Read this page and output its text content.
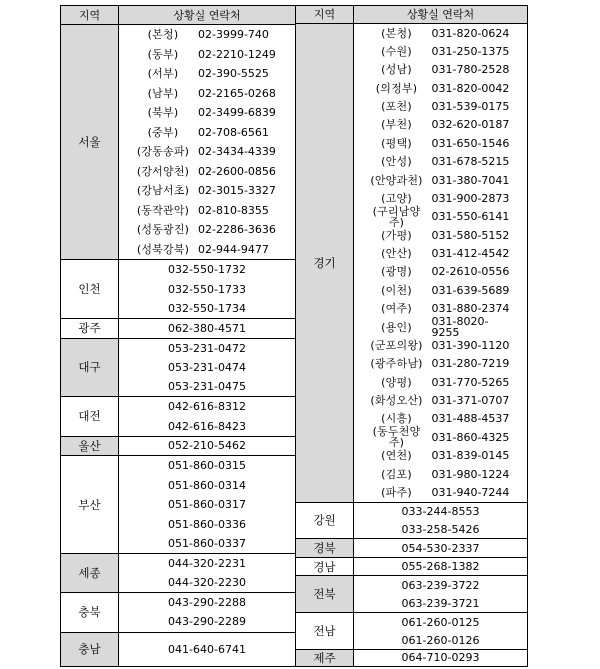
지역	상황실 연락처
서울
(본청)	02-3999-740
(동부)	02-2210-1249
(서부)	02-390-5525
(남부)	02-2165-0268
(북부)	02-3499-6839
(중부)	02-708-6561
(강동송파) 02-3434-4339
(강서양천) 02-2600-0856
(강남서초) 02-3015-3327
(동작관악) 02-810-8355
(성동광진) 02-2286-3636
(성북강북) 02-944-9477
인천
032-550-1732
032-550-1733
032-550-1734
광주	062-380-4571
대구
053-231-0472
053-231-0474
053-231-0475
대전
042-616-8312
042-616-8423
울산	052-210-5462
부산
051-860-0315
051-860-0314
051-860-0317
051-860-0336
051-860-0337
세종
044-320-2231
044-320-2230
충북
043-290-2288
043-290-2289
충남	041-640-6741
지역	상황실 연락처
경기
(본청)	031-820-0624
(수원)	031-250-1375
(성남)	031-780-2528
(의정부)	031-820-0042
(포천)	031-539-0175
(부천)	032-620-0187
(평택)	031-650-1546
(안성)	031-678-5215
(안양과천) 031-380-7041
(고양)	031-900-2873
(구리남양주)	031-550-6141
(가평)	031-580-5152
(안산)	031-412-4542
(광명)	02-2610-0556
(이천)	031-639-5689
(여주)	031-880-2374
(용인)	031-8020-9255
(군포의왕) 031-390-1120
(광주하남) 031-280-7219
(양평)	031-770-5265
(화성오산) 031-371-0707
(시흥)	031-488-4537
(동두천양주)	031-860-4325
(연천)	031-839-0145
(김포)	031-980-1224
(파주)	031-940-7244
강원
033-244-8553
033-258-5426
경북	054-530-2337
경남	055-268-1382
전북
063-239-3722
063-239-3721
전남
061-260-0125
061-260-0126
제주	064-710-0293
